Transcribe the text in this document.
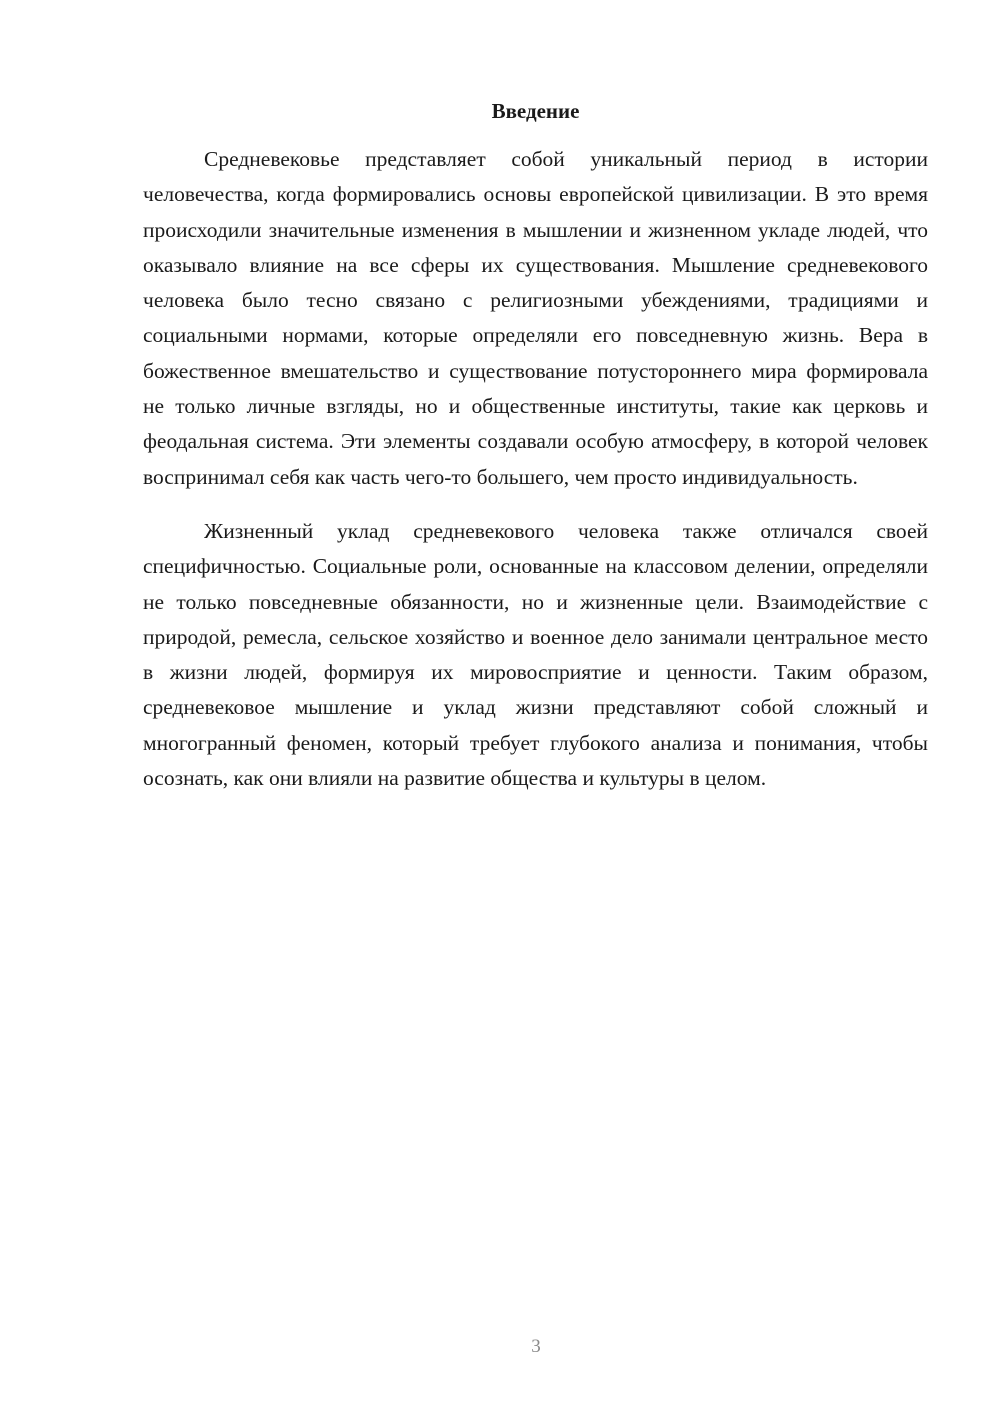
Введение

Средневековье представляет собой уникальный период в истории человечества, когда формировались основы европейской цивилизации. В это время происходили значительные изменения в мышлении и жизненном укладе людей, что оказывало влияние на все сферы их существования. Мышление средневекового человека было тесно связано с религиозными убеждениями, традициями и социальными нормами, которые определяли его повседневную жизнь. Вера в божественное вмешательство и существование потустороннего мира формировала не только личные взгляды, но и общественные институты, такие как церковь и феодальная система. Эти элементы создавали особую атмосферу, в которой человек воспринимал себя как часть чего-то большего, чем просто индивидуальность.

Жизненный уклад средневекового человека также отличался своей специфичностью. Социальные роли, основанные на классовом делении, определяли не только повседневные обязанности, но и жизненные цели. Взаимодействие с природой, ремесла, сельское хозяйство и военное дело занимали центральное место в жизни людей, формируя их мировосприятие и ценности. Таким образом, средневековое мышление и уклад жизни представляют собой сложный и многогранный феномен, который требует глубокого анализа и понимания, чтобы осознать, как они влияли на развитие общества и культуры в целом.

3
